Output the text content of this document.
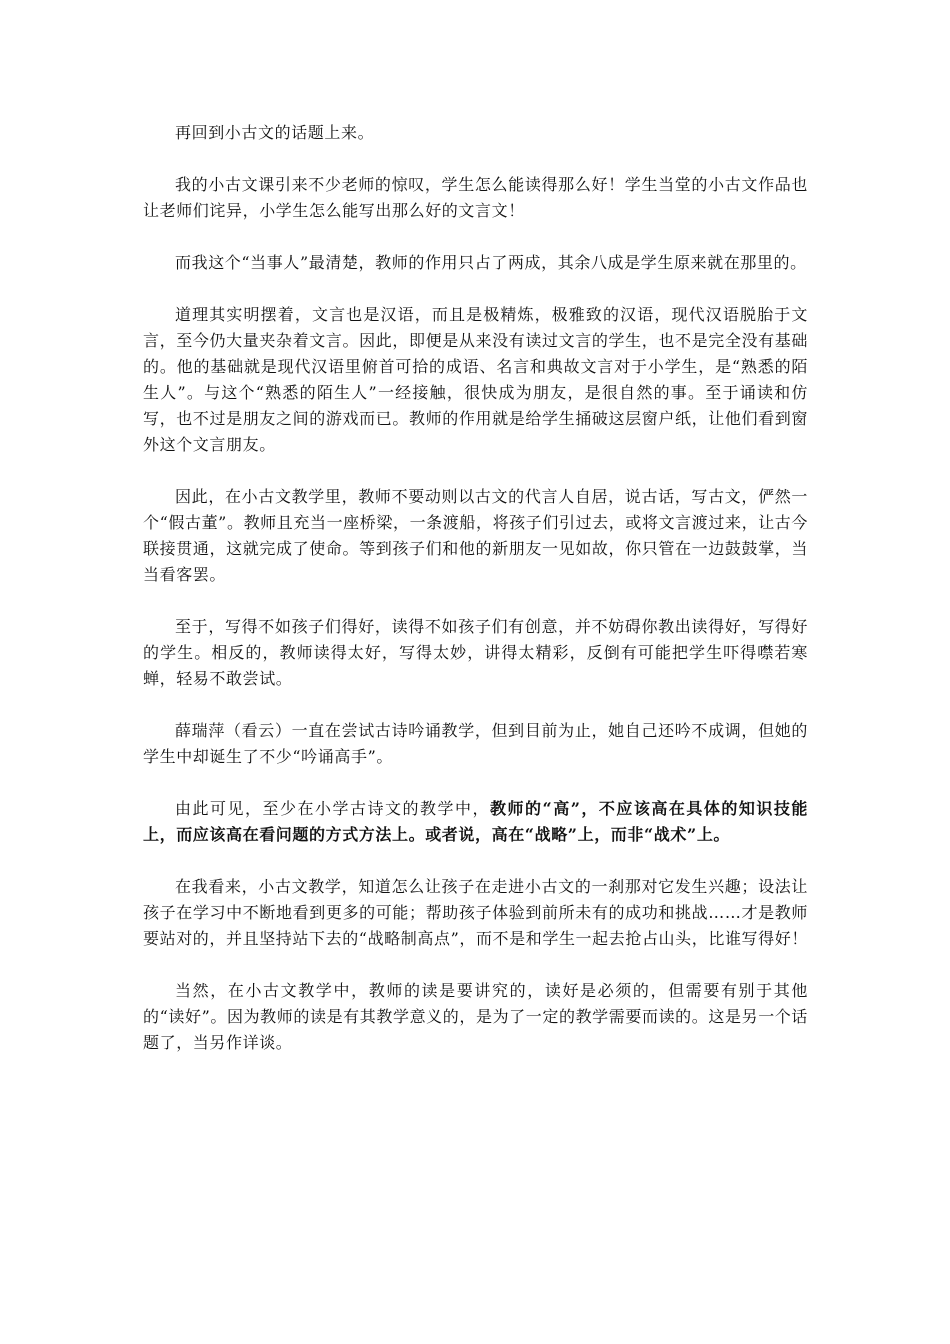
再回到小古文的话题上来。

我的小古文课引来不少老师的惊叹，学生怎么能读得那么好！学生当堂的小古文作品也让老师们诧异，小学生怎么能写出那么好的文言文！

而我这个“当事人”最清楚，教师的作用只占了两成，其余八成是学生原来就在那里的。

道理其实明摆着，文言也是汉语，而且是极精炼，极雅致的汉语，现代汉语脱胎于文言，至今仍大量夹杂着文言。因此，即便是从来没有读过文言的学生，也不是完全没有基础的。他的基础就是现代汉语里俯首可拾的成语、名言和典故文言对于小学生，是“熟悉的陌生人”。与这个“熟悉的陌生人”一经接触，很快成为朋友，是很自然的事。至于诵读和仿写，也不过是朋友之间的游戏而已。教师的作用就是给学生捅破这层窗户纸，让他们看到窗外这个文言朋友。

因此，在小古文教学里，教师不要动则以古文的代言人自居，说古话，写古文，俨然一个“假古董”。教师且充当一座桥梁，一条渡船，将孩子们引过去，或将文言渡过来，让古今联接贯通，这就完成了使命。等到孩子们和他的新朋友一见如故，你只管在一边鼓鼓掌，当当看客罢。

至于，写得不如孩子们得好，读得不如孩子们有创意，并不妨碍你教出读得好，写得好的学生。相反的，教师读得太好，写得太妙，讲得太精彩，反倒有可能把学生吓得噤若寒蝉，轻易不敢尝试。

薛瑞萍（看云）一直在尝试古诗吟诵教学，但到目前为止，她自己还吟不成调，但她的学生中却诞生了不少“吟诵高手”。

由此可见，至少在小学古诗文的教学中，教师的“高”，不应该高在具体的知识技能上，而应该高在看问题的方式方法上。或者说，高在“战略”上，而非“战术”上。

在我看来，小古文教学，知道怎么让孩子在走进小古文的一刹那对它发生兴趣；设法让孩子在学习中不断地看到更多的可能；帮助孩子体验到前所未有的成功和挑战……才是教师要站对的，并且坚持站下去的“战略制高点”，而不是和学生一起去抢占山头，比谁写得好！

当然，在小古文教学中，教师的读是要讲究的，读好是必须的，但需要有别于其他的“读好”。因为教师的读是有其教学意义的，是为了一定的教学需要而读的。这是另一个话题了，当另作详谈。
